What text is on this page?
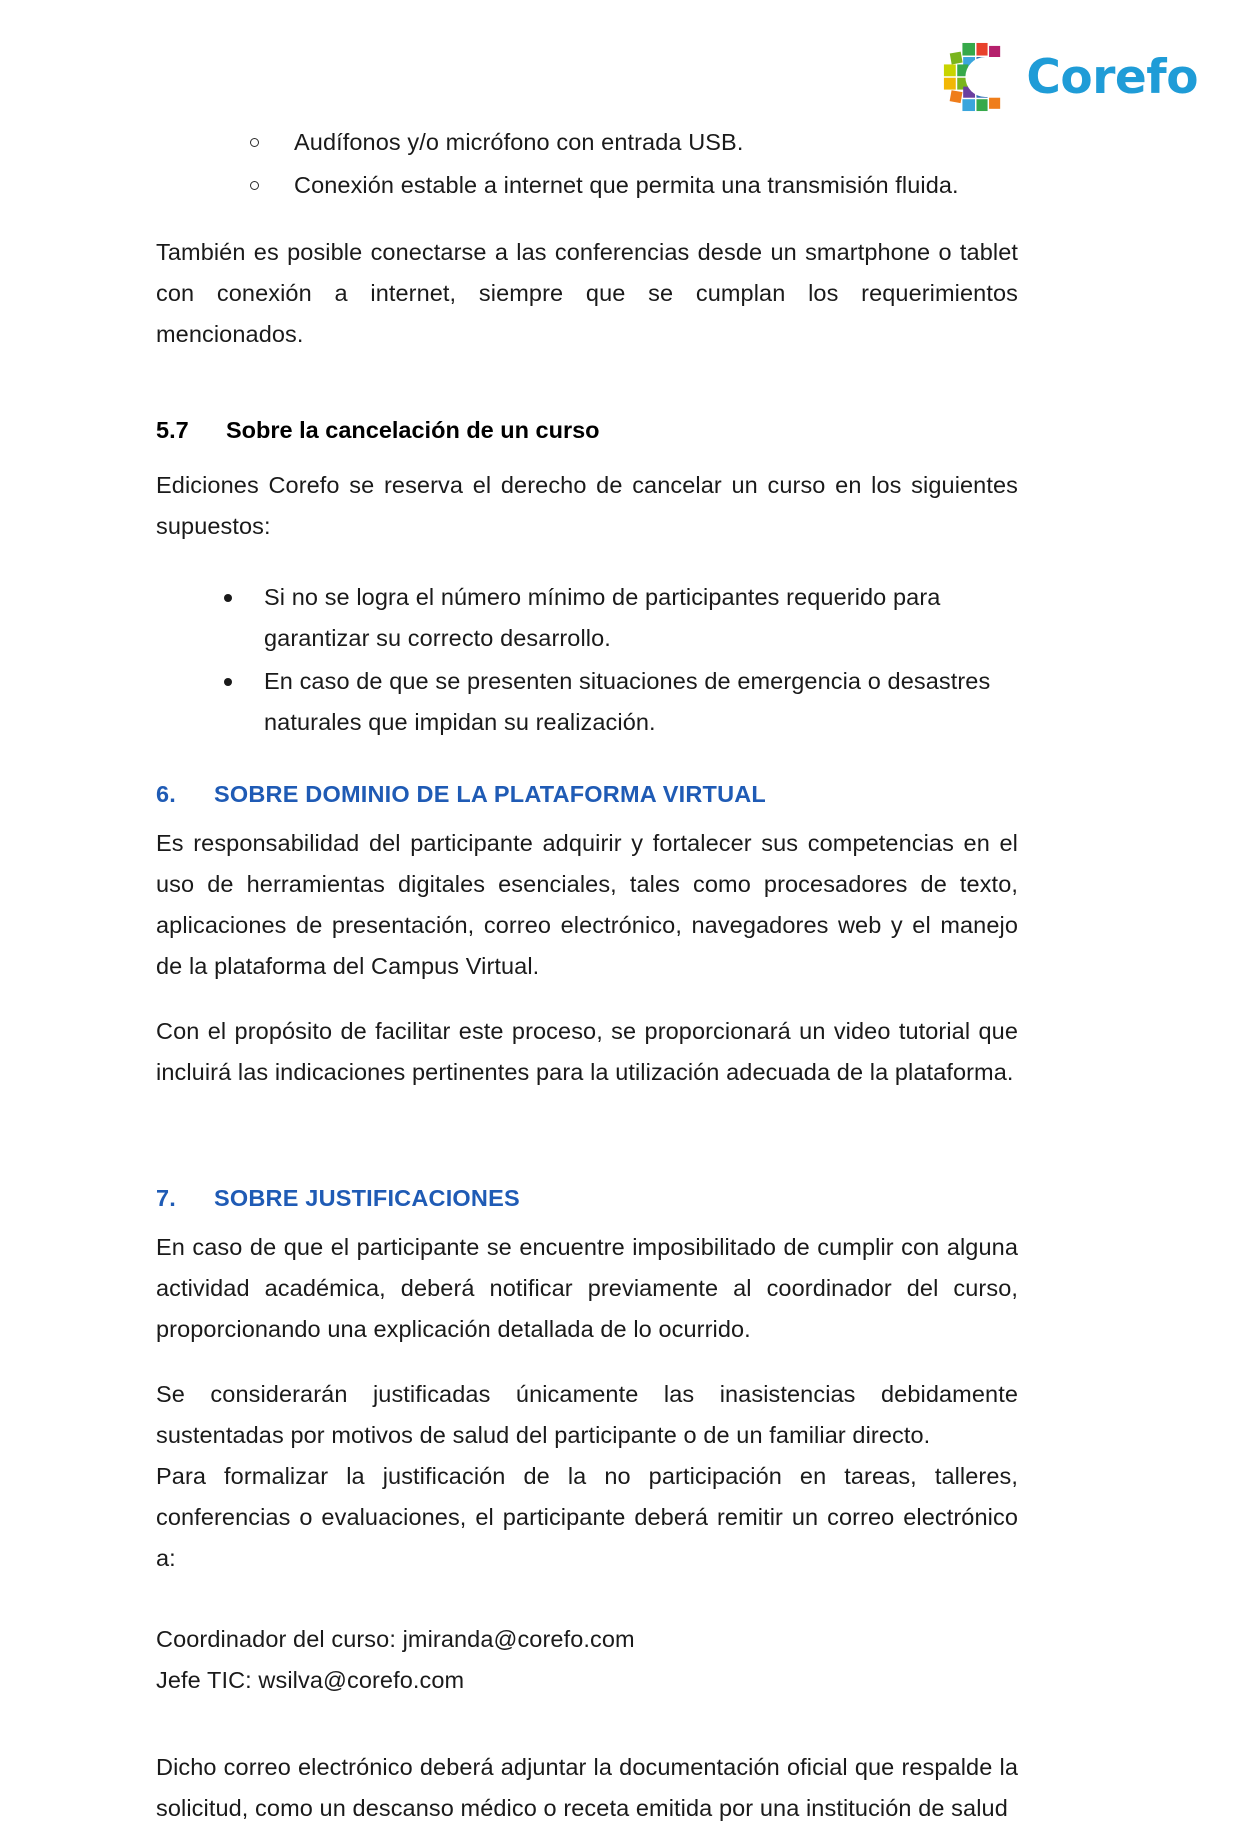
Corefo
Audífonos y/o micrófono con entrada USB.
Conexión estable a internet que permita una transmisión fluida.

También es posible conectarse a las conferencias desde un smartphone o tablet con conexión a internet, siempre que se cumplan los requerimientos mencionados.

5.7	Sobre la cancelación de un curso

Ediciones Corefo se reserva el derecho de cancelar un curso en los siguientes supuestos:

Si no se logra el número mínimo de participantes requerido para garantizar su correcto desarrollo.
En caso de que se presenten situaciones de emergencia o desastres naturales que impidan su realización.
6.	SOBRE DOMINIO DE LA PLATAFORMA VIRTUAL

Es responsabilidad del participante adquirir y fortalecer sus competencias en el uso de herramientas digitales esenciales, tales como procesadores de texto, aplicaciones de presentación, correo electrónico, navegadores web y el manejo de la plataforma del Campus Virtual.

Con el propósito de facilitar este proceso, se proporcionará un video tutorial que incluirá las indicaciones pertinentes para la utilización adecuada de la plataforma.

7.	SOBRE JUSTIFICACIONES

En caso de que el participante se encuentre imposibilitado de cumplir con alguna actividad académica, deberá notificar previamente al coordinador del curso, proporcionando una explicación detallada de lo ocurrido.

Se considerarán justificadas únicamente las inasistencias debidamente sustentadas por motivos de salud del participante o de un familiar directo.

Para formalizar la justificación de la no participación en tareas, talleres, conferencias o evaluaciones, el participante deberá remitir un correo electrónico a:

Coordinador del curso: jmiranda@corefo.com

Jefe TIC: wsilva@corefo.com

Dicho correo electrónico deberá adjuntar la documentación oficial que respalde la solicitud, como un descanso médico o receta emitida por una institución de salud
